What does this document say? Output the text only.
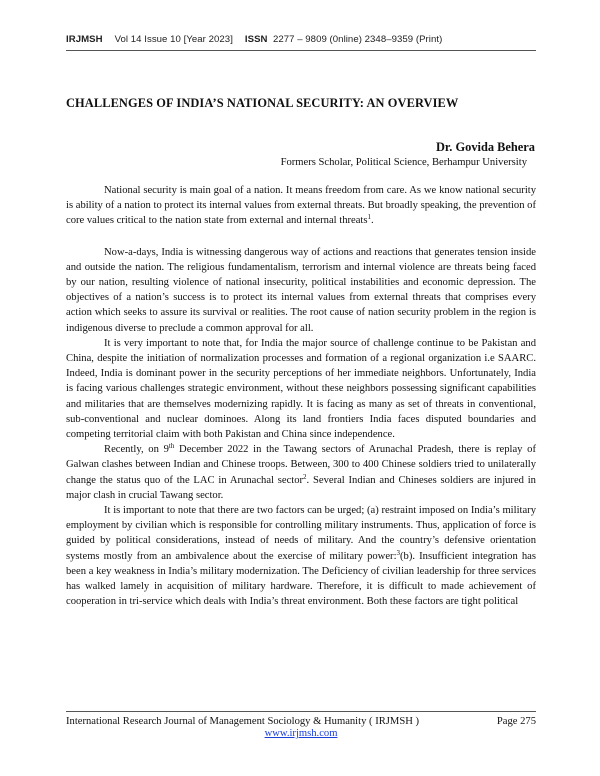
IRJMSH Vol 14 Issue 10 [Year 2023] ISSN 2277 – 9809 (0nline) 2348–9359 (Print)
CHALLENGES OF INDIA’S NATIONAL SECURITY: AN OVERVIEW
Dr. Govida Behera
Formers Scholar, Political Science, Berhampur University

National security is main goal of a nation. It means freedom from care. As we know national security is ability of a nation to protect its internal values from external threats. But broadly speaking, the prevention of core values critical to the nation state from external and internal threats$^1$.

Now-a-days, India is witnessing dangerous way of actions and reactions that generates tension inside and outside the nation. The religious fundamentalism, terrorism and internal violence are threats being faced by our nation, resulting violence of national insecurity, political instabilities and economic depression. The objectives of a nation’s success is to protect its internal values from external threats that comprises every action which seeks to assure its survival or realities. The root cause of nation security problem in the region is indigenous diverse to preclude a common approval for all.

It is very important to note that, for India the major source of challenge continue to be Pakistan and China, despite the initiation of normalization processes and formation of a regional organization i.e SAARC. Indeed, India is dominant power in the security perceptions of her immediate neighbors. Unfortunately, India is facing various challenges strategic environment, without these neighbors possessing significant capabilities and militaries that are themselves modernizing rapidly. It is facing as many as set of threats in conventional, sub-conventional and nuclear dominoes. Along its land frontiers India faces disputed boundaries and competing territorial claim with both Pakistan and China since independence.

Recently, on 9th December 2022 in the Tawang sectors of Arunachal Pradesh, there is replay of Galwan clashes between Indian and Chinese troops. Between, 300 to 400 Chinese soldiers tried to unilaterally change the status quo of the LAC in Arunachal sector$^2$. Several Indian and Chineses soldiers are injured in major clash in crucial Tawang sector.

It is important to note that there are two factors can be urged; (a) restraint imposed on India’s military employment by civilian which is responsible for controlling military instruments. Thus, application of force is guided by political considerations, instead of needs of military. And the country’s defensive orientation systems mostly from an ambivalence about the exercise of military power:$^3$(b). Insufficient integration has been a key weakness in India’s military modernization. The Deficiency of civilian leadership for three services has walked lamely in acquisition of military hardware. Therefore, it is difficult to made achievement of cooperation in tri-service which deals with India’s threat environment. Both these factors are tight political

International Research Journal of Management Sociology & Humanity ( IRJMSH )	Page 275
www.irjmsh.com
